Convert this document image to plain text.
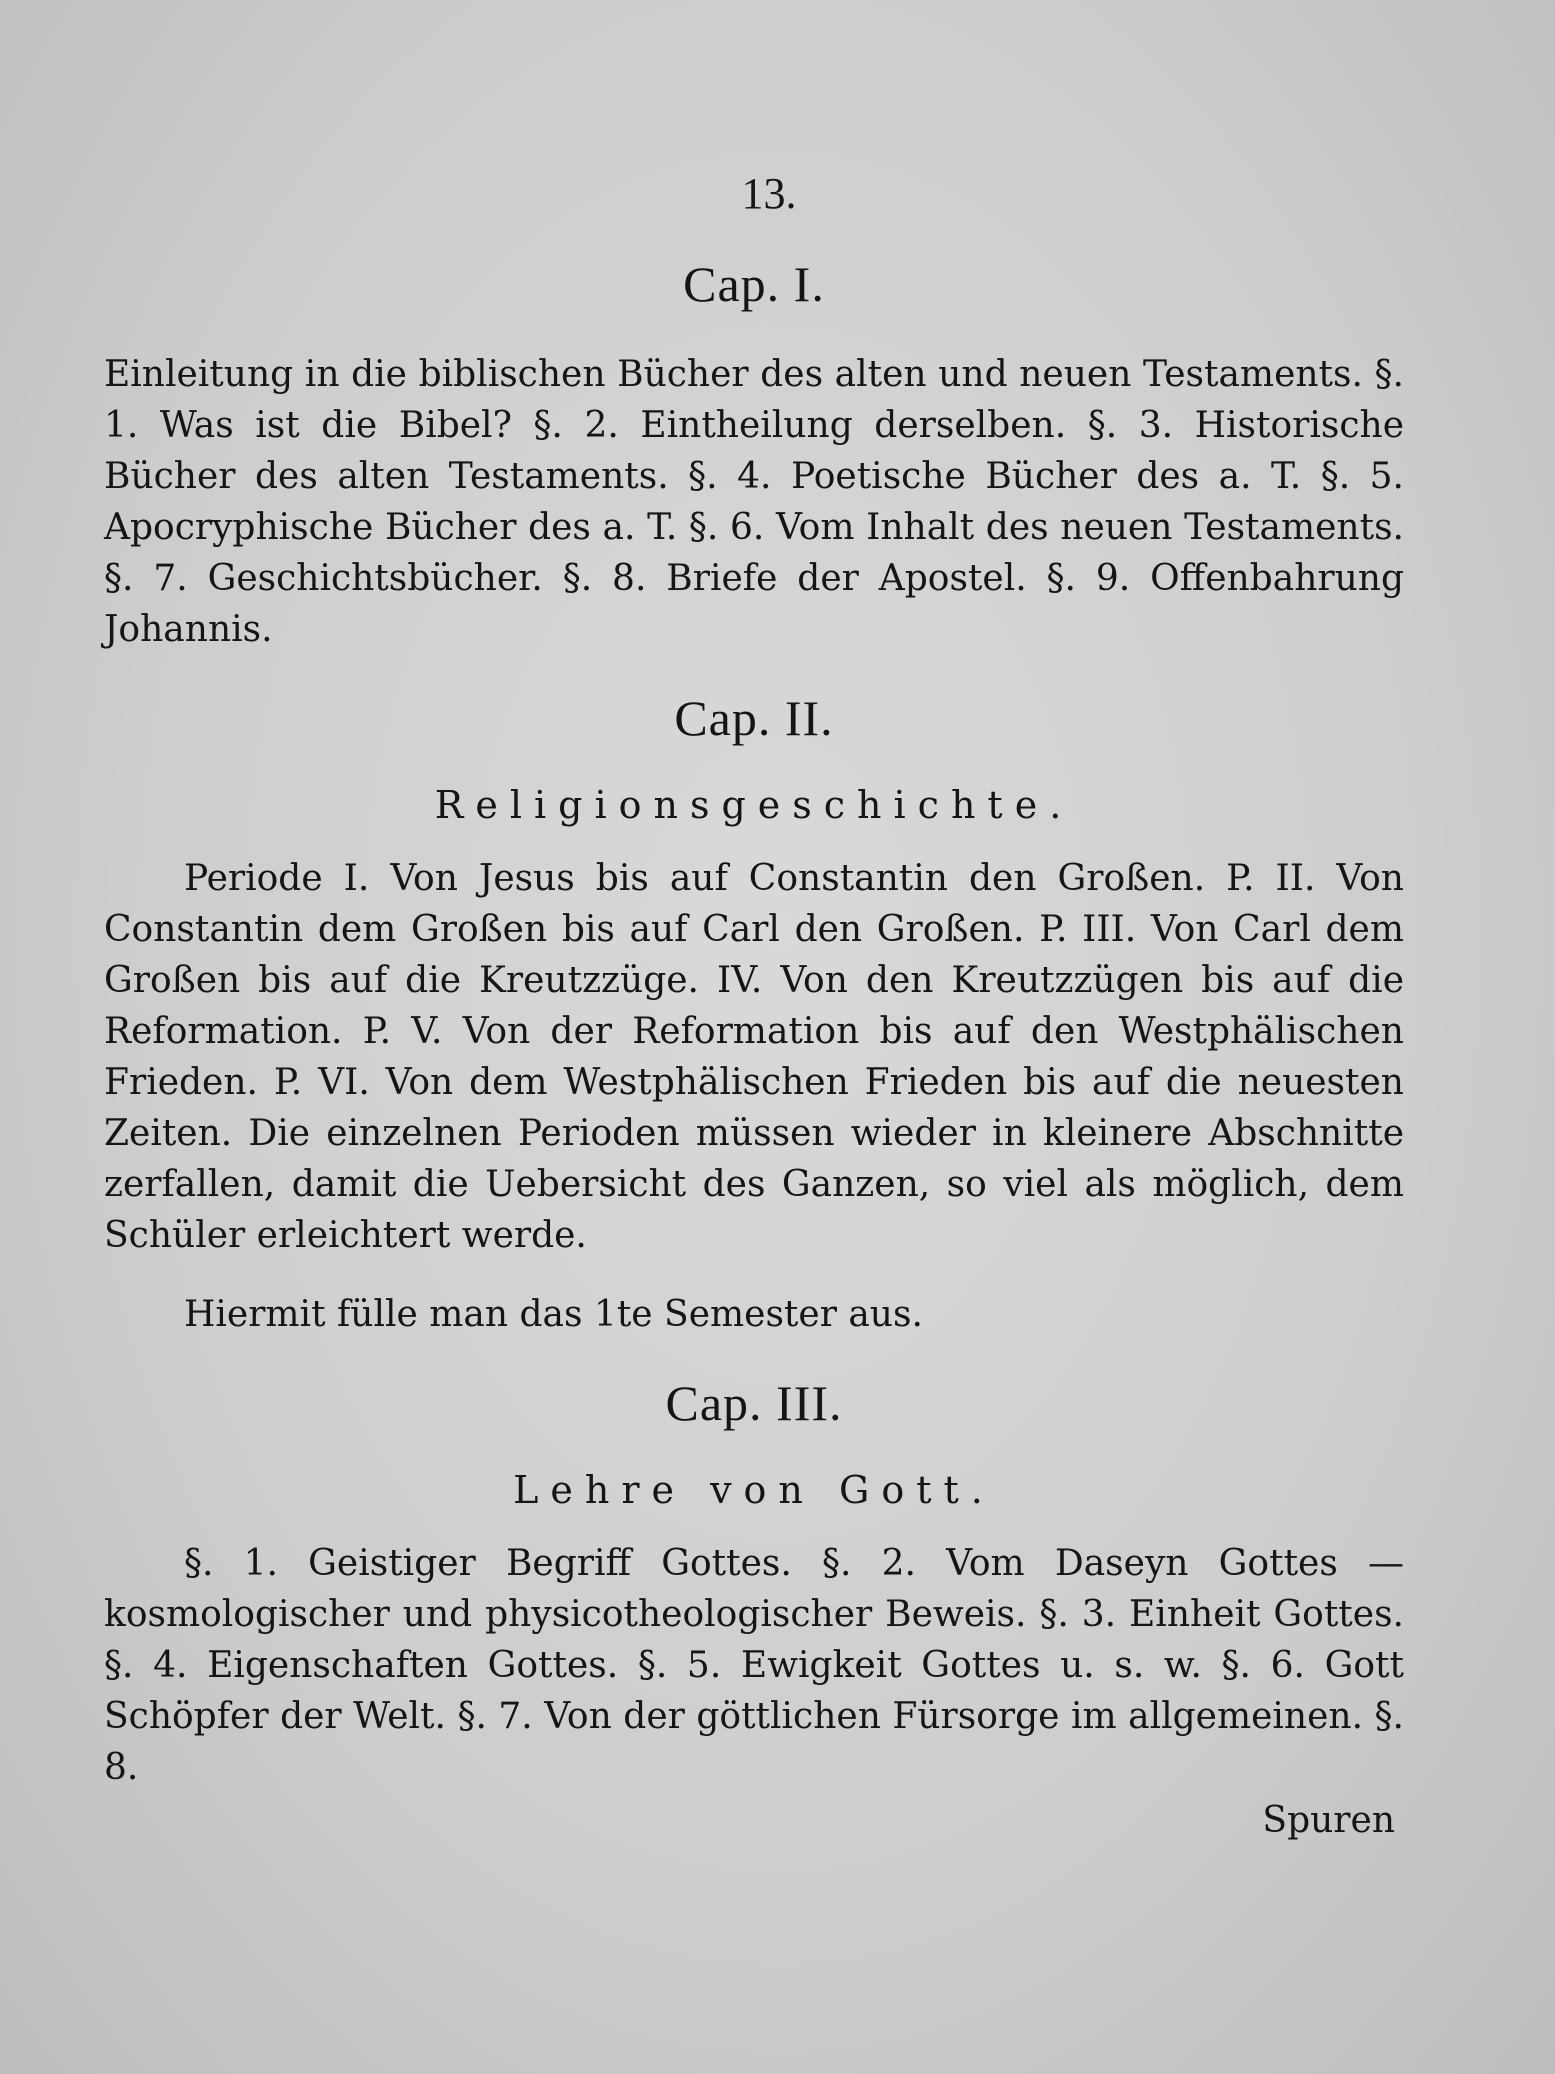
13.
Cap. I.

Einleitung in die biblischen Bücher des alten und neuen Testaments. §. 1. Was ist die Bibel? §. 2. Eintheilung derselben. §. 3. Historische Bücher des alten Testaments. §. 4. Poetische Bücher des a. T. §. 5. Apocryphische Bücher des a. T. §. 6. Vom Inhalt des neuen Testaments. §. 7. Geschichtsbücher. §. 8. Briefe der Apostel. §. 9. Offenbahrung Johannis.

Cap. II.
Religionsgeschichte.

Periode I. Von Jesus bis auf Constantin den Großen. P. II. Von Constantin dem Großen bis auf Carl den Großen. P. III. Von Carl dem Großen bis auf die Kreutzzüge. IV. Von den Kreutzzügen bis auf die Reformation. P. V. Von der Reformation bis auf den Westphälischen Frieden. P. VI. Von dem Westphälischen Frieden bis auf die neuesten Zeiten. Die einzelnen Perioden müssen wieder in kleinere Abschnitte zerfallen, damit die Uebersicht des Ganzen, so viel als möglich, dem Schüler erleichtert werde.

Hiermit fülle man das 1te Semester aus.

Cap. III.
Lehre von Gott.

§. 1. Geistiger Begriff Gottes. §. 2. Vom Daseyn Gottes — kosmologischer und physicotheologischer Beweis. §. 3. Einheit Gottes. §. 4. Eigenschaften Gottes. §. 5. Ewigkeit Gottes u. s. w. §. 6. Gott Schöpfer der Welt. §. 7. Von der göttlichen Fürsorge im allgemeinen. §. 8.

Spuren
